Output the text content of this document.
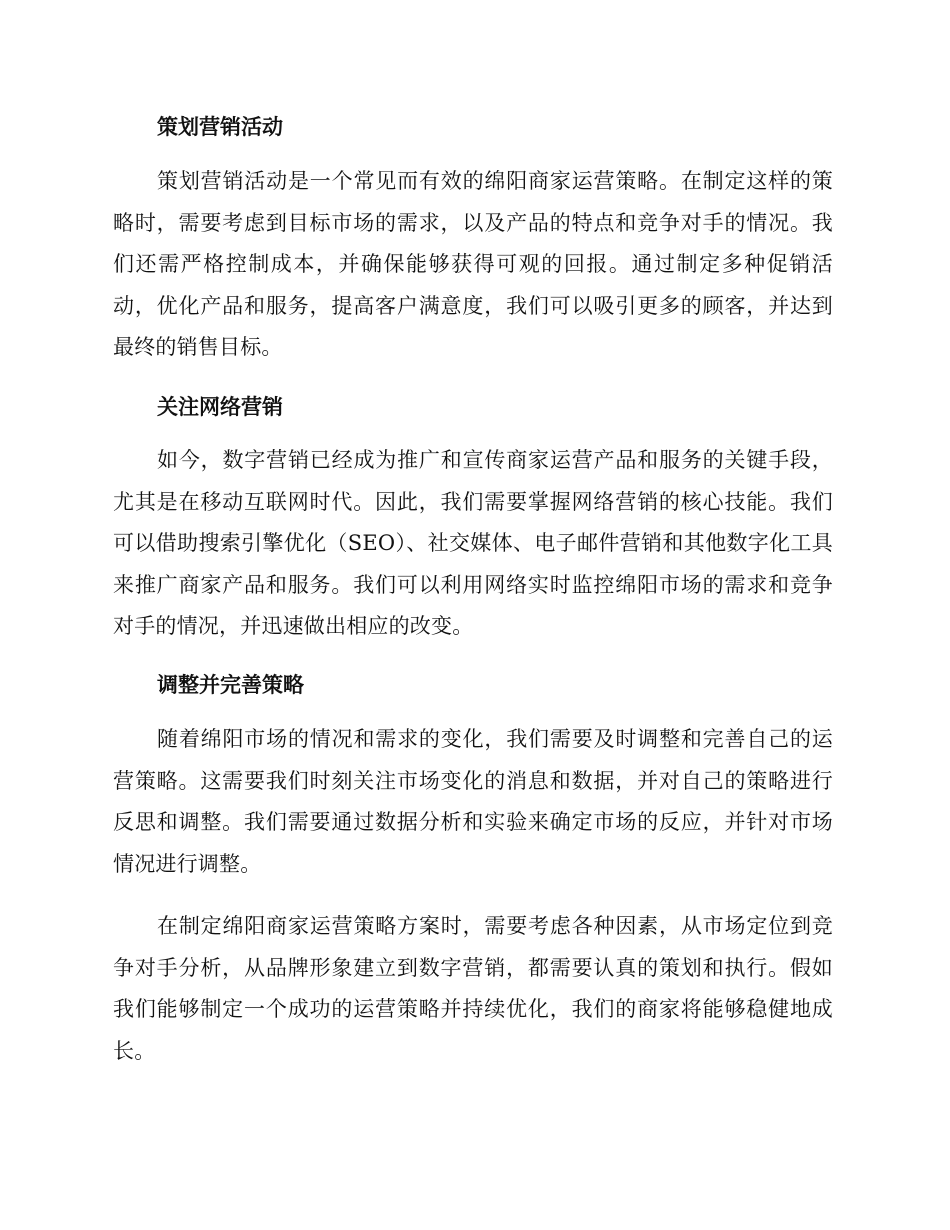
策划营销活动

策划营销活动是一个常见而有效的绵阳商家运营策略。在制定这样的策略时，需要考虑到目标市场的需求，以及产品的特点和竞争对手的情况。我们还需严格控制成本，并确保能够获得可观的回报。通过制定多种促销活动，优化产品和服务，提高客户满意度，我们可以吸引更多的顾客，并达到最终的销售目标。

关注网络营销

如今，数字营销已经成为推广和宣传商家运营产品和服务的关键手段，尤其是在移动互联网时代。因此，我们需要掌握网络营销的核心技能。我们可以借助搜索引擎优化（SEO）、社交媒体、电子邮件营销和其他数字化工具来推广商家产品和服务。我们可以利用网络实时监控绵阳市场的需求和竞争对手的情况，并迅速做出相应的改变。

调整并完善策略

随着绵阳市场的情况和需求的变化，我们需要及时调整和完善自己的运营策略。这需要我们时刻关注市场变化的消息和数据，并对自己的策略进行反思和调整。我们需要通过数据分析和实验来确定市场的反应，并针对市场情况进行调整。

在制定绵阳商家运营策略方案时，需要考虑各种因素，从市场定位到竞争对手分析，从品牌形象建立到数字营销，都需要认真的策划和执行。假如我们能够制定一个成功的运营策略并持续优化，我们的商家将能够稳健地成长。
